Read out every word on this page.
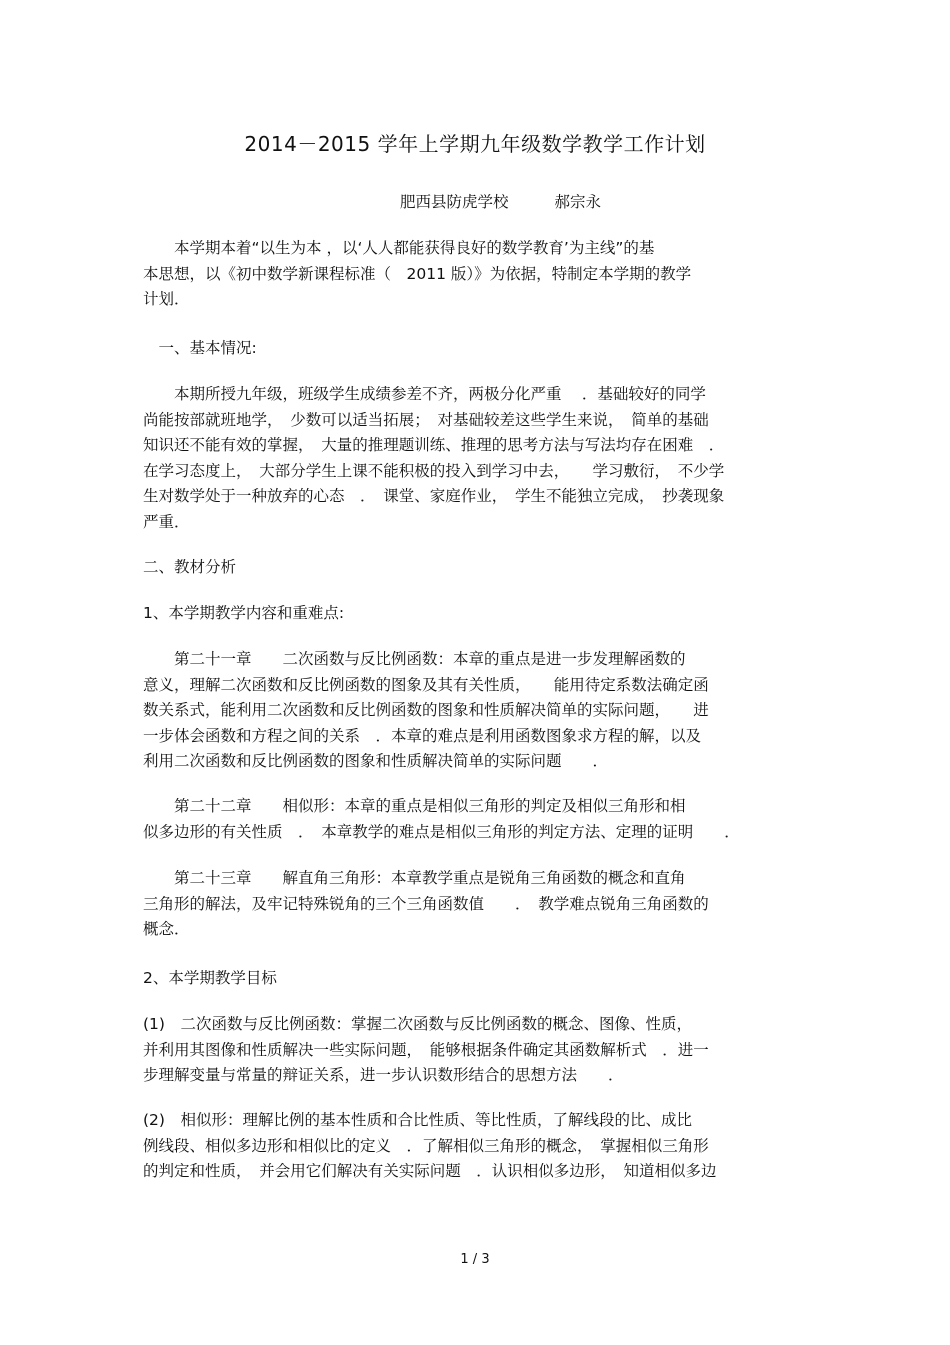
2014－2015 学年上学期九年级数学教学工作计划
肥西县防虎学校	郝宗永
　　本学期本着“以生为本 ，以‘人人都能获得良好的数学教育’为主线”的基
本思想，以《初中数学新课程标准（　2011 版）》为依据，特制定本学期的教学
计划．
　一、基本情况:
　　本期所授九年级，班级学生成绩参差不齐，两极分化严重　 ．基础较好的同学
尚能按部就班地学，　少数可以适当拓展；　对基础较差这些学生来说，　简单的基础
知识还不能有效的掌握，　大量的推理题训练、推理的思考方法与写法均存在困难　．
在学习态度上，　大部分学生上课不能积极的投入到学习中去，　　学习敷衍，　不少学
生对数学处于一种放弃的心态　．　课堂、家庭作业，　学生不能独立完成，　抄袭现象
严重．
二、教材分析
1、本学期教学内容和重难点:
　　第二十一章　　二次函数与反比例函数：本章的重点是进一步发理解函数的
意义，理解二次函数和反比例函数的图象及其有关性质，　　能用待定系数法确定函
数关系式，能利用二次函数和反比例函数的图象和性质解决简单的实际问题，　　进
一步体会函数和方程之间的关系　．本章的难点是利用函数图象求方程的解，以及
利用二次函数和反比例函数的图象和性质解决简单的实际问题　　．
　　第二十二章　　相似形：本章的重点是相似三角形的判定及相似三角形和相
似多边形的有关性质　．　本章教学的难点是相似三角形的判定方法、定理的证明　　．
　　第二十三章　　解直角三角形：本章教学重点是锐角三角函数的概念和直角
三角形的解法，及牢记特殊锐角的三个三角函数值　　．　教学难点锐角三角函数的
概念．
2、本学期教学目标
(1)　二次函数与反比例函数：掌握二次函数与反比例函数的概念、图像、性质，
并利用其图像和性质解决一些实际问题，　能够根据条件确定其函数解析式　．进一
步理解变量与常量的辩证关系，进一步认识数形结合的思想方法　　．
(2)　相似形：理解比例的基本性质和合比性质、等比性质，了解线段的比、成比
例线段、相似多边形和相似比的定义　．了解相似三角形的概念，　掌握相似三角形
的判定和性质，　并会用它们解决有关实际问题　．认识相似多边形，　知道相似多边
1 / 3
